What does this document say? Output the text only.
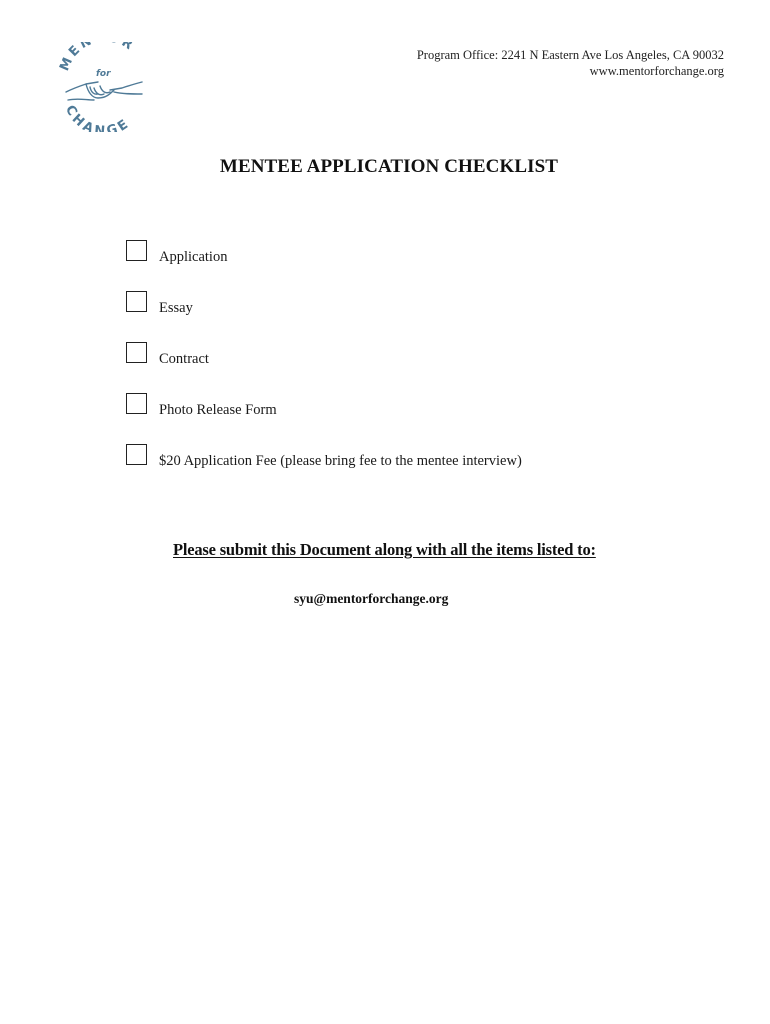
MEN R
for
CHANGE
Program Office: 2241 N Eastern Ave Los Angeles, CA 90032
www.mentorforchange.org
MENTEE APPLICATION CHECKLIST
Application
Essay
Contract
Photo Release Form
$20 Application Fee (please bring fee to the mentee interview)
Please submit this Document along with all the items listed to:
syu@mentorforchange.org
